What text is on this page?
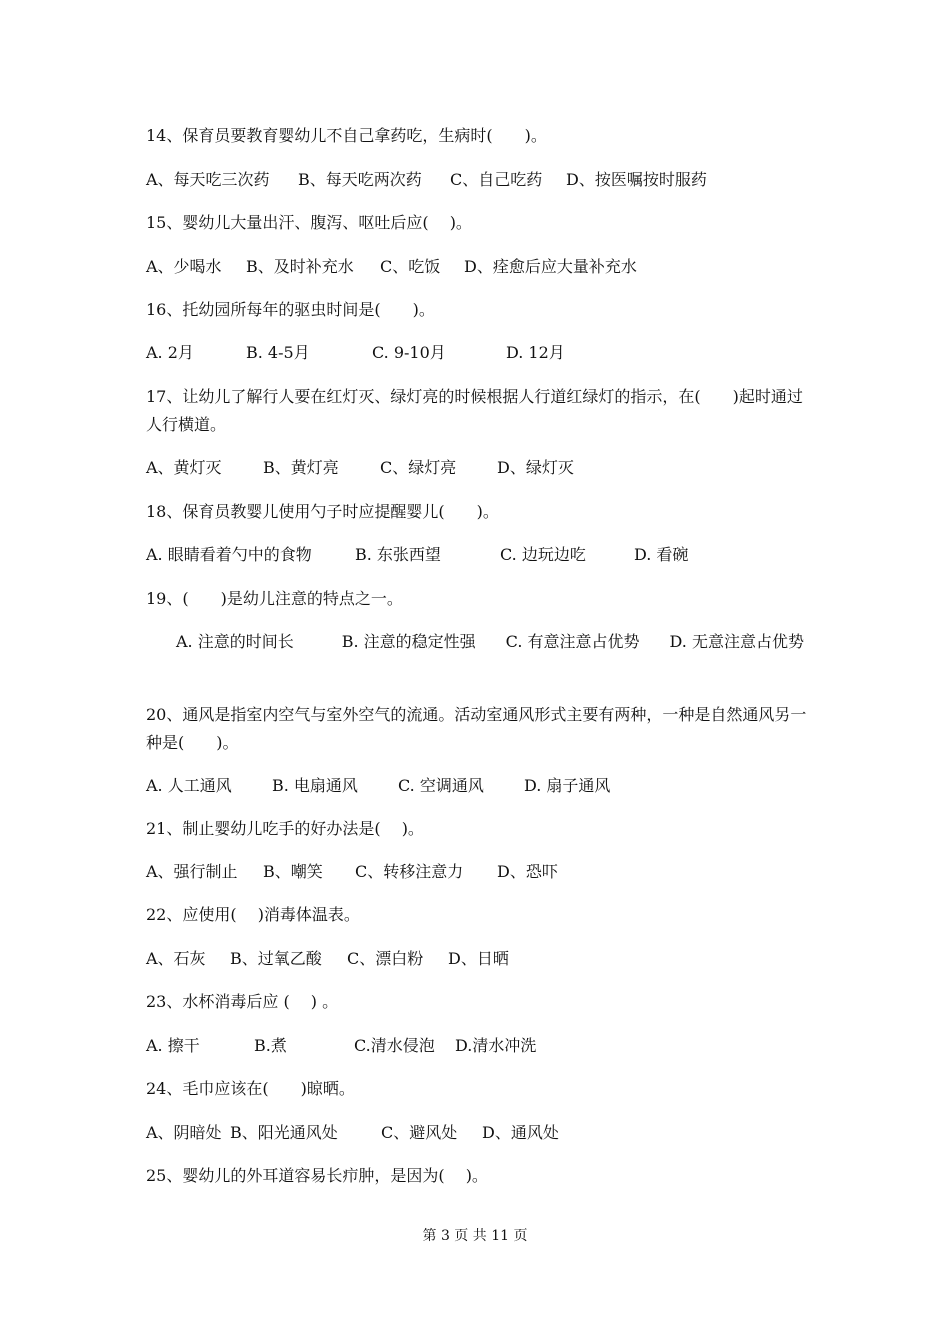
14、保育员要教育婴幼儿不自己拿药吃，生病时(　　)。
A、每天吃三次药 B、每天吃两次药 C、自己吃药 D、按医嘱按时服药
15、婴幼儿大量出汗、腹泻、呕吐后应(　 )。
A、少喝水 B、及时补充水 C、吃饭 D、痊愈后应大量补充水
16、托幼园所每年的驱虫时间是(　　)。
A. 2月	B. 4-5月	C. 9-10月	D. 12月
17、让幼儿了解行人要在红灯灭、绿灯亮的时候根据人行道红绿灯的指示，在(　　)起时通过人行横道。
A、黄灯灭	B、黄灯亮	C、绿灯亮	D、绿灯灭
18、保育员教婴儿使用勺子时应提醒婴儿(　　)。
A. 眼睛看着勺中的食物	B. 东张西望	C. 边玩边吃	D. 看碗
19、(　　)是幼儿注意的特点之一。
A. 注意的时间长	B. 注意的稳定性强 C. 有意注意占优势 D. 无意注意占优势
20、通风是指室内空气与室外空气的流通。活动室通风形式主要有两种，一种是自然通风另一种是(　　)。
A. 人工通风	B. 电扇通风	C. 空调通风	D. 扇子通风
21、制止婴幼儿吃手的好办法是(　 )。
A、强行制止 B、嘲笑 C、转移注意力 D、恐吓
22、应使用(　 )消毒体温表。
A、石灰 B、过氧乙酸 C、漂白粉 D、日晒
23、水杯消毒后应 (　 ) 。
A. 擦干	B.煮	C.清水侵泡 D.清水冲洗
24、毛巾应该在(　　)晾晒。
A、阴暗处 B、阳光通风处	C、避风处 D、通风处
25、婴幼儿的外耳道容易长疖肿，是因为(　 )。
第 3 页 共 11 页
